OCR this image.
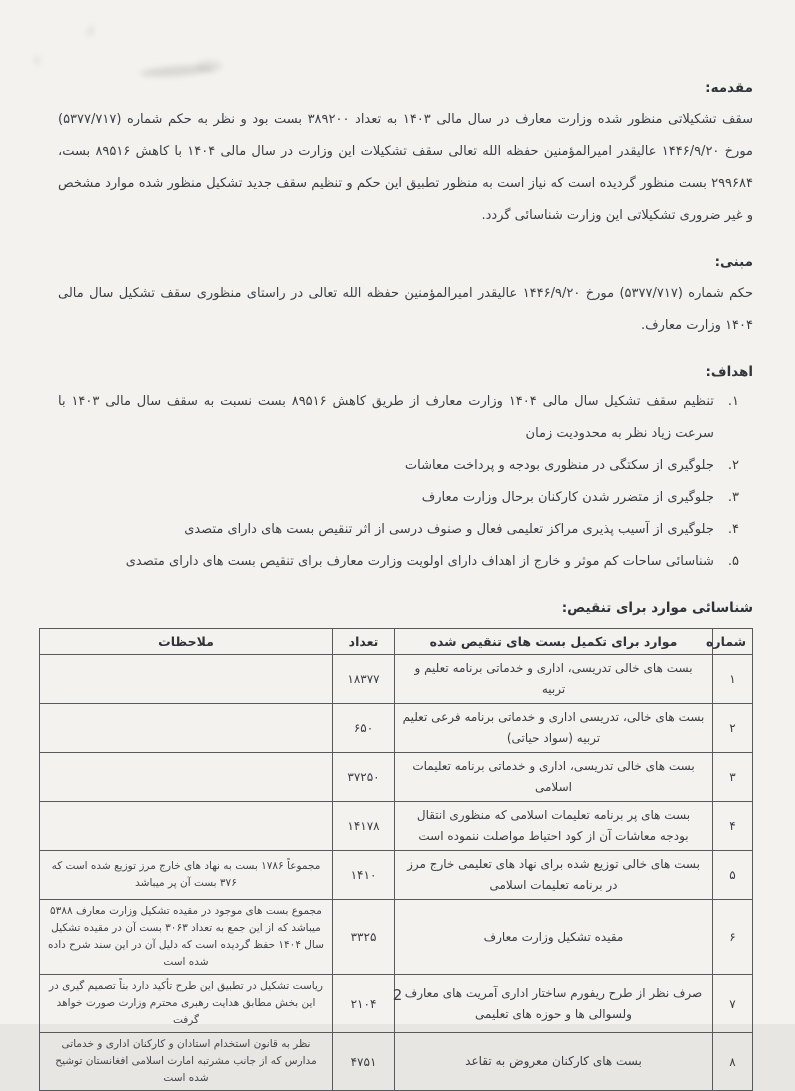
مقدمه:
سقف تشکیلاتی منظور شده وزارت معارف در سال مالی ۱۴۰۳ به تعداد ۳۸۹۲۰۰ بست بود و نظر به حکم شماره (۵۳۷۷/۷۱۷) مورخ ۱۴۴۶/۹/۲۰ عالیقدر امیرالمؤمنین حفظه الله تعالی سقف تشکیلات این وزارت در سال مالی ۱۴۰۴ با کاهش ۸۹۵۱۶ بست، ۲۹۹۶۸۴ بست منظور گردیده است که نیاز است به منظور تطبیق این حکم و تنظیم سقف جدید تشکیل منظور شده موارد مشخص و غیر ضروری تشکیلاتی این وزارت شناسائی گردد.
مبنی:
حکم شماره (۵۳۷۷/۷۱۷) مورخ ۱۴۴۶/۹/۲۰ عالیقدر امیرالمؤمنین حفظه الله تعالی در راستای منظوری سقف تشکیل سال مالی ۱۴۰۴ وزارت معارف.
اهداف:
۱.
تنظیم سقف تشکیل سال مالی ۱۴۰۴ وزارت معارف از طریق کاهش ۸۹۵۱۶ بست نسبت به سقف سال مالی ۱۴۰۳ با سرعت زیاد نظر به محدودیت زمان
۲.
جلوگیری از سکتگی در منظوری بودجه و پرداخت معاشات
۳.
جلوگیری از متضرر شدن کارکنان برحال وزارت معارف
۴.
جلوگیری از آسیب پذیری مراکز تعلیمی فعال و صنوف درسی از اثر تنقیص بست های دارای متصدی
۵.
شناسائی ساحات کم موثر و خارج از اهداف دارای اولویت وزارت معارف برای تنقیص بست های دارای متصدی
شناسائی موارد برای تنقیص:
شماره	موارد برای تکمیل بست های تنقیص شده	تعداد	ملاحظات
۱	بست های خالی تدریسی، اداری و خدماتی برنامه تعلیم و تربیه	۱۸۳۷۷	
۲	بست های خالی، تدریسی اداری و خدماتی برنامه فرعی تعلیم تربیه (سواد حیاتی)	۶۵۰	
۳	بست های خالی تدریسی، اداری و خدماتی برنامه تعلیمات اسلامی	۳۷۲۵۰	
۴	بست های پر برنامه تعلیمات اسلامی که منظوری انتقال بودجه معاشات آن از کود احتیاط مواصلت ننموده است	۱۴۱۷۸	
۵	بست های خالی توزیع شده برای نهاد های تعلیمی خارج مرز در برنامه تعلیمات اسلامی	۱۴۱۰	مجموعاً ۱۷۸۶ بست به نهاد های خارج مرز توزیع شده است که ۳۷۶ بست آن پر میباشد
۶	مقیده تشکیل وزارت معارف	۳۳۲۵	مجموع بست های موجود در مقیده تشکیل وزارت معارف ۵۳۸۸ میباشد که از این جمع به تعداد ۳۰۶۳ بست آن در مقیده تشکیل سال ۱۴۰۴ حفظ گردیده است که دلیل آن در این سند شرح داده شده است
۷	صرف نظر از طرح ریفورم ساختار اداری آمریت های معارف ولسوالی ها و حوزه های تعلیمی	۲۱۰۴	ریاست تشکیل در تطبیق این طرح تأکید دارد بناً تصمیم گیری در این بخش مطابق هدایت رهبری محترم وزارت صورت خواهد گرفت
۸	بست های کارکنان معروض به تقاعد	۴۷۵۱	نظر به قانون استخدام استادان و کارکنان اداری و خدماتی مدارس که از جانب مشرتبه امارت اسلامی افغانستان توشیح شده است
2
